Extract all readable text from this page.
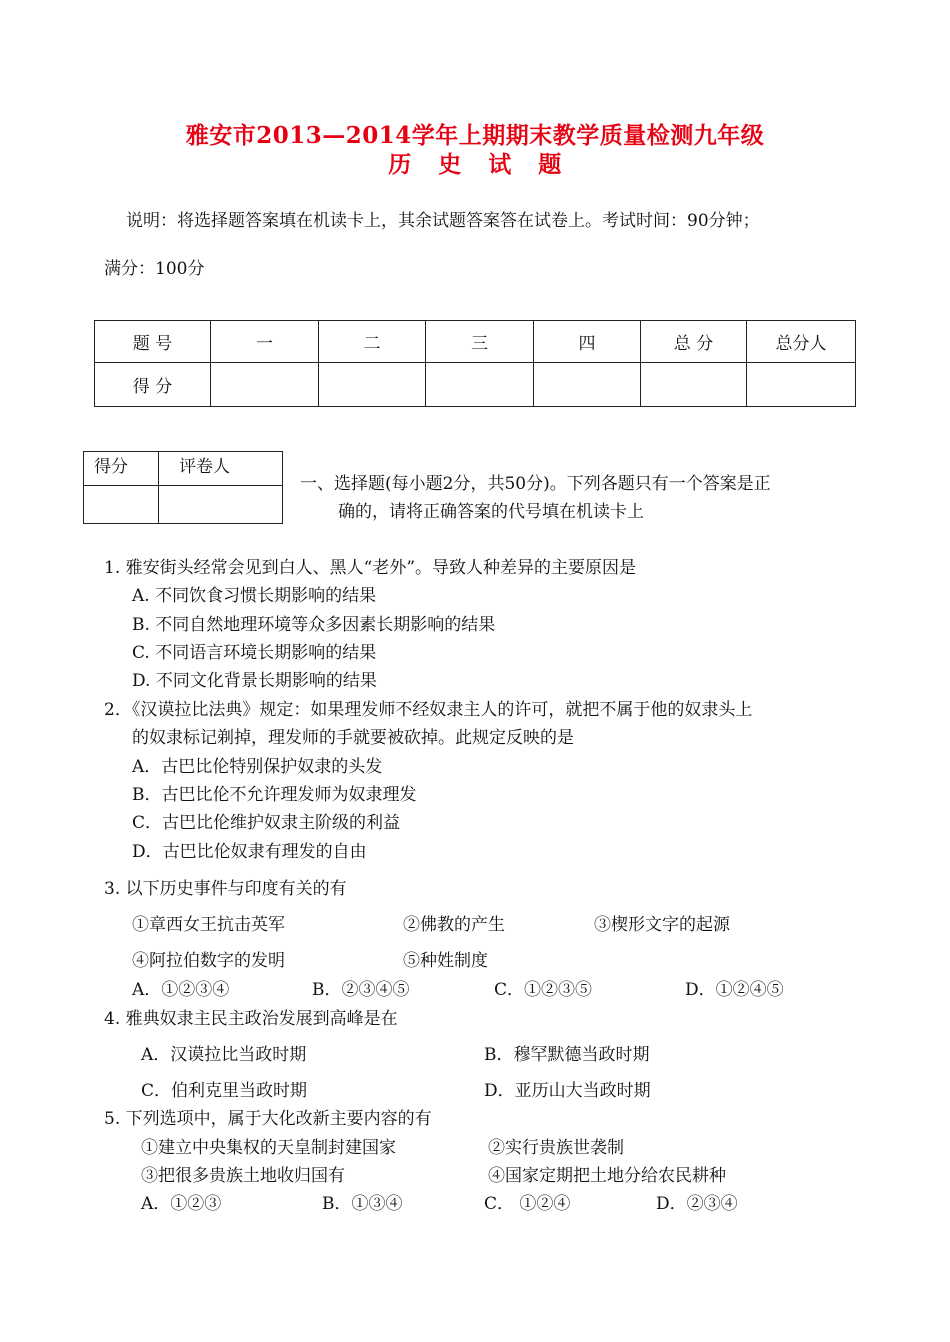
雅安市2013—2014学年上期期末教学质量检测九年级
历 史 试 题
说明：将选择题答案填在机读卡上，其余试题答案答在试卷上。考试时间：90分钟；
满分：100分
题 号	一	二	三	四	总 分	总分人
得 分						
得分	评卷人

一、选择题(每小题2分，共50分)。下列各题只有一个答案是正
确的，请将正确答案的代号填在机读卡上
1. 雅安街头经常会见到白人、黑人“老外”。导致人种差异的主要原因是
A. 不同饮食习惯长期影响的结果
B. 不同自然地理环境等众多因素长期影响的结果
C. 不同语言环境长期影响的结果
D. 不同文化背景长期影响的结果
2．《汉谟拉比法典》规定：如果理发师不经奴隶主人的许可，就把不属于他的奴隶头上
的奴隶标记剃掉，理发师的手就要被砍掉。此规定反映的是
A．古巴比伦特别保护奴隶的头发
B．古巴比伦不允许理发师为奴隶理发
C．古巴比伦维护奴隶主阶级的利益
D．古巴比伦奴隶有理发的自由
3. 以下历史事件与印度有关的有
①章西女王抗击英军	②佛教的产生	③楔形文字的起源
④阿拉伯数字的发明	⑤种姓制度
A．①②③④	B．②③④⑤	C．①②③⑤	D．①②④⑤
4. 雅典奴隶主民主政治发展到高峰是在
A．汉谟拉比当政时期	B．穆罕默德当政时期
C．伯利克里当政时期	D．亚历山大当政时期
5. 下列选项中，属于大化改新主要内容的有
①建立中央集权的天皇制封建国家	②实行贵族世袭制
③把很多贵族土地收归国有	④国家定期把土地分给农民耕种
A．①②③	B．①③④	C． ①②④	D．②③④
